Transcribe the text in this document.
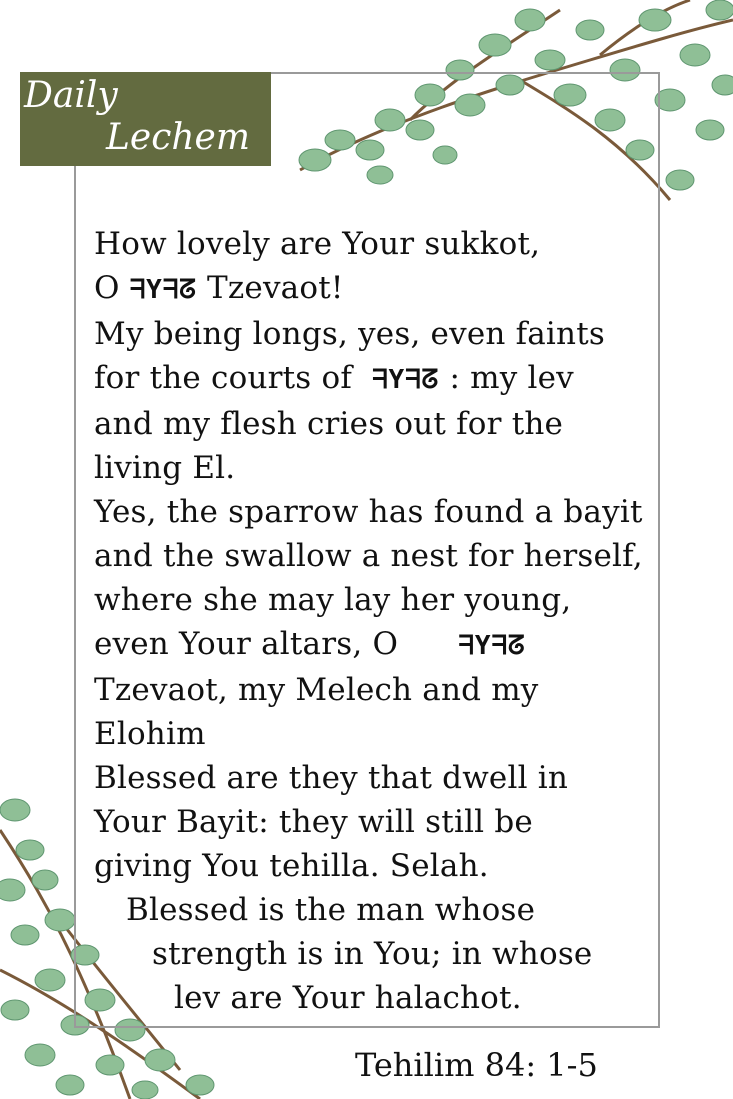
Daily
Lechem
How lovely are Your sukkot,
O ᖷYᖷᘔ Tzevaot!
My being longs, yes, even faints
for the courts of ᖷYᖷᘔ : my lev
and my flesh cries out for the
living El.
Yes, the sparrow has found a bayit
and the swallow a nest for herself,
where she may lay her young,
even Your altars, O ᖷYᖷᘔ
Tzevaot, my Melech and my
Elohim
Blessed are they that dwell in
Your Bayit: they will still be
giving You tehilla. Selah.
Blessed is the man whose
strength is in You; in whose
lev are Your halachot.
Tehilim 84: 1-5
